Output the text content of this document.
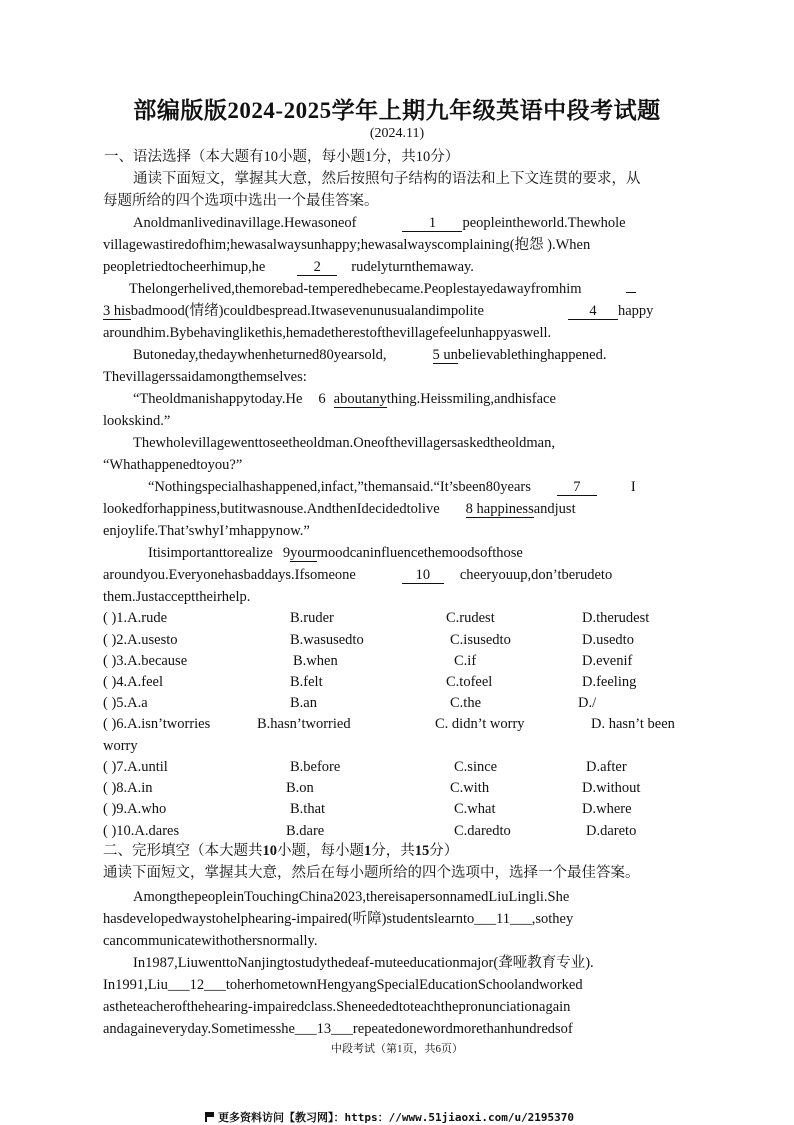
部编版版2024-2025学年上期九年级英语中段考试题
(2024.11)
一、语法选择（本大题有10小题，每小题1分，共10分）
通读下面短文，掌握其大意，然后按照句子结构的语法和上下文连贯的要求，从
每题所给的四个选项中选出一个最佳答案。
Anoldmanlivedinavillage.Hewasoneof	1 peopleintheworld.Thewhole
villagewastiredofhim;hewasalwaysunhappy;hewasalwayscomplaining(抱怨 ).When
peopletriedtocheerhimup,he	2 rudelyturnthemaway.
Thelongerhelived,themorebad-temperedhebecame.Peoplestayedawayfromhim
3 hisbadmood(情绪)couldbespread.Itwasevenunusualandimpolite	4 happy
aroundhim.Bybehavinglikethis,hemadetherestofthevillagefeelunhappyaswell.
Butoneday,thedaywhenheturned80yearsold,	5 unbelievablethinghappened.
Thevillagerssaidamongthemselves:
“Theoldmanishappytoday.He 6 aboutanything.Heissmiling,andhisface
lookskind.”
Thewholevillagewenttoseetheoldman.Oneofthevillagersaskedtheoldman,
“Whathappenedtoyou?”
“Nothingspecialhashappened,infact,”themansaid.“It’sbeen80years	7	I
lookedforhappiness,butitwasnouse.AndthenIdecidedtolive 8 happinessandjust
enjoylife.That’swhyI’mhappynow.”
Itisimportanttorealize 9yourmoodcaninfluencethemoodsofthose
aroundyou.Everyonehasbaddays.Ifsomeone	10 cheeryouup,don’tberudeto
them.Justaccepttheirhelp.
( )1.A.rude	B.ruder	C.rudest	D.therudest
( )2.A.usesto	B.wasusedto	C.isusedto	D.usedto
( )3.A.because	B.when	C.if	D.evenif
( )4.A.feel	B.felt	C.tofeel	D.feeling
( )5.A.a	B.an	C.the	D./
( )6.A.isn’tworries	B.hasn’tworried	C. didn’t worry	D. hasn’t been
worry
( )7.A.until	B.before	C.since	D.after
( )8.A.in	B.on	C.with	D.without
( )9.A.who	B.that	C.what	D.where
( )10.A.dares	B.dare	C.daredto	D.dareto
二、完形填空（本大题共10小题，每小题1分，共15分）
通读下面短文，掌握其大意，然后在每小题所给的四个选项中，选择一个最佳答案。
AmongthepeopleinTouchingChina2023,thereisapersonnamedLiuLingli.She
hasdevelopedwaystohelphearing-impaired(听障)studentslearnto___11___,sothey
cancommunicatewithothersnormally.
In1987,LiuwenttoNanjingtostudythedeaf-muteeducationmajor(聋哑教育专业).
In1991,Liu___12___toherhometownHengyangSpecialEducationSchoolandworked
astheteacherofthehearing-impairedclass.Sheneededtoteachthepronunciationagain
andagaineveryday.Sometimesshe___13___repeatedonewordmorethanhundredsof
中段考试（第1页，共6页）
更多资料访问【教习网】：https：//www.51jiaoxi.com/u/2195370
